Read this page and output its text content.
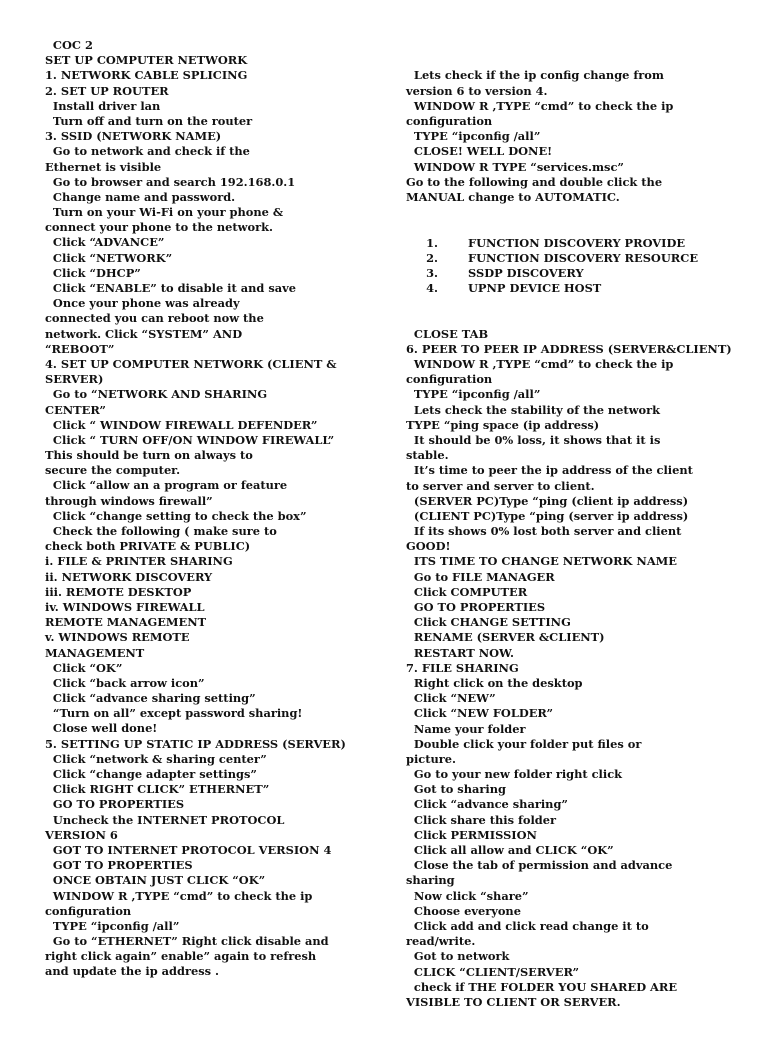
COC 2
SET UP COMPUTER NETWORK
1. NETWORK CABLE SPLICING
2. SET UP ROUTER
Install driver lan
Turn off and turn on the router
3. SSID (NETWORK NAME)
Go to network and check if the
Ethernet is visible
Go to browser and search 192.168.0.1
Change name and password.
Turn on your Wi-Fi on your phone &
connect your phone to the network.
Click “ADVANCE”
Click “NETWORK”
Click “DHCP”
Click “ENABLE” to disable it and save
Once your phone was already
connected you can reboot now the
network. Click “SYSTEM” AND
“REBOOT”
4. SET UP COMPUTER NETWORK (CLIENT &
SERVER)
Go to “NETWORK AND SHARING
CENTER”
Click “ WINDOW FIREWALL DEFENDER”
Click “ TURN OFF/ON WINDOW FIREWALL”
This should be turn on always to
secure the computer.
Click “allow an a program or feature
through windows firewall”
Click “change setting to check the box”
Check the following ( make sure to
check both PRIVATE & PUBLIC)
i. FILE & PRINTER SHARING
ii. NETWORK DISCOVERY
iii. REMOTE DESKTOP
iv. WINDOWS FIREWALL
REMOTE MANAGEMENT
v. WINDOWS REMOTE
MANAGEMENT
Click “OK”
Click “back arrow icon”
Click “advance sharing setting”
“Turn on all” except password sharing!
Close well done!
5. SETTING UP STATIC IP ADDRESS (SERVER)
Click “network & sharing center”
Click “change adapter settings”
Click RIGHT CLICK” ETHERNET”
GO TO PROPERTIES
Uncheck the INTERNET PROTOCOL
VERSION 6
GOT TO INTERNET PROTOCOL VERSION 4
GOT TO PROPERTIES
ONCE OBTAIN JUST CLICK “OK”
WINDOW R ,TYPE “cmd” to check the ip
configuration
TYPE “ipconfig /all”
Go to “ETHERNET” Right click disable and
right click again” enable” again to refresh
and update the ip address .

Lets check if the ip config change from
version 6 to version 4.
WINDOW R ,TYPE “cmd” to check the ip
configuration
TYPE “ipconfig /all”
CLOSE! WELL DONE!
WINDOW R TYPE “services.msc”
Go to the following and double click the
MANUAL change to AUTOMATIC.

1.	FUNCTION DISCOVERY PROVIDE
2.	FUNCTION DISCOVERY RESOURCE
3.	SSDP DISCOVERY
4.	UPNP DEVICE HOST

CLOSE TAB
6. PEER TO PEER IP ADDRESS (SERVER&CLIENT)
WINDOW R ,TYPE “cmd” to check the ip
configuration
TYPE “ipconfig /all”
Lets check the stability of the network
TYPE “ping space (ip address)
It should be 0% loss, it shows that it is
stable.
It’s time to peer the ip address of the client
to server and server to client.
(SERVER PC)Type “ping (client ip address)
(CLIENT PC)Type “ping (server ip address)
If its shows 0% lost both server and client
GOOD!
ITS TIME TO CHANGE NETWORK NAME
Go to FILE MANAGER
Click COMPUTER
GO TO PROPERTIES
Click CHANGE SETTING
RENAME (SERVER &CLIENT)
RESTART NOW.
7. FILE SHARING
Right click on the desktop
Click “NEW”
Click “NEW FOLDER”
Name your folder
Double click your folder put files or
picture.
Go to your new folder right click
Got to sharing
Click “advance sharing”
Click share this folder
Click PERMISSION
Click all allow and CLICK “OK”
Close the tab of permission and advance
sharing
Now click “share”
Choose everyone
Click add and click read change it to
read/write.
Got to network
CLICK “CLIENT/SERVER”
check if THE FOLDER YOU SHARED ARE
VISIBLE TO CLIENT OR SERVER.
